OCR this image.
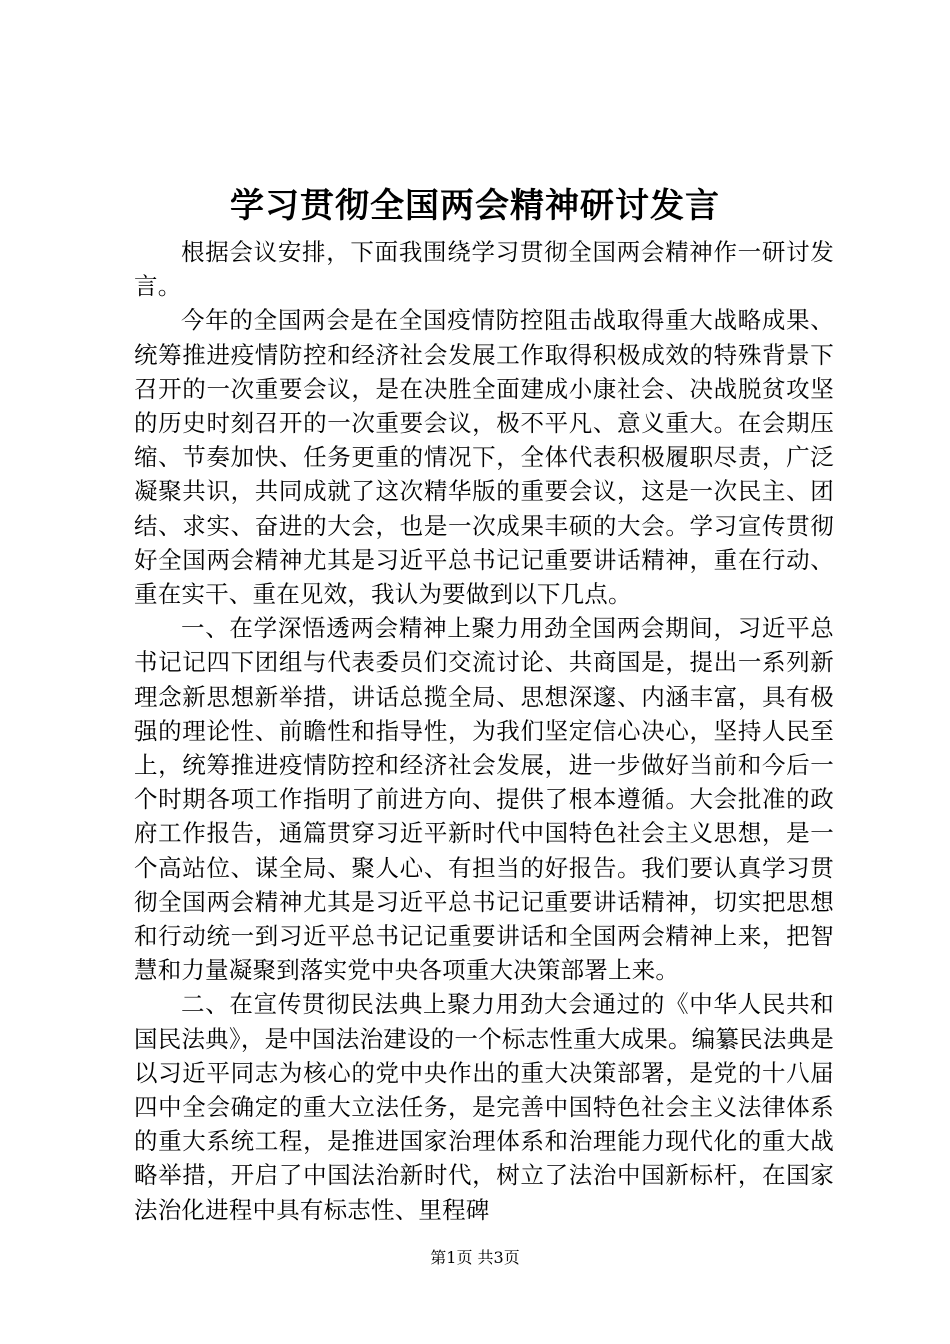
学习贯彻全国两会精神研讨发言

根据会议安排，下面我围绕学习贯彻全国两会精神作一研讨发言。

今年的全国两会是在全国疫情防控阻击战取得重大战略成果、统筹推进疫情防控和经济社会发展工作取得积极成效的特殊背景下召开的一次重要会议，是在决胜全面建成小康社会、决战脱贫攻坚的历史时刻召开的一次重要会议，极不平凡、意义重大。在会期压缩、节奏加快、任务更重的情况下，全体代表积极履职尽责，广泛凝聚共识，共同成就了这次精华版的重要会议，这是一次民主、团结、求实、奋进的大会，也是一次成果丰硕的大会。学习宣传贯彻好全国两会精神尤其是习近平总书记记重要讲话精神，重在行动、重在实干、重在见效，我认为要做到以下几点。

一、在学深悟透两会精神上聚力用劲全国两会期间，习近平总书记记四下团组与代表委员们交流讨论、共商国是，提出一系列新理念新思想新举措，讲话总揽全局、思想深邃、内涵丰富，具有极强的理论性、前瞻性和指导性，为我们坚定信心决心，坚持人民至上，统筹推进疫情防控和经济社会发展，进一步做好当前和今后一个时期各项工作指明了前进方向、提供了根本遵循。大会批准的政府工作报告，通篇贯穿习近平新时代中国特色社会主义思想，是一个高站位、谋全局、聚人心、有担当的好报告。我们要认真学习贯彻全国两会精神尤其是习近平总书记记重要讲话精神，切实把思想和行动统一到习近平总书记记重要讲话和全国两会精神上来，把智慧和力量凝聚到落实党中央各项重大决策部署上来。

二、在宣传贯彻民法典上聚力用劲大会通过的《中华人民共和国民法典》，是中国法治建设的一个标志性重大成果。编纂民法典是以习近平同志为核心的党中央作出的重大决策部署，是党的十八届四中全会确定的重大立法任务，是完善中国特色社会主义法律体系的重大系统工程，是推进国家治理体系和治理能力现代化的重大战略举措，开启了中国法治新时代，树立了法治中国新标杆，在国家法治化进程中具有标志性、里程碑

第1页 共3页
